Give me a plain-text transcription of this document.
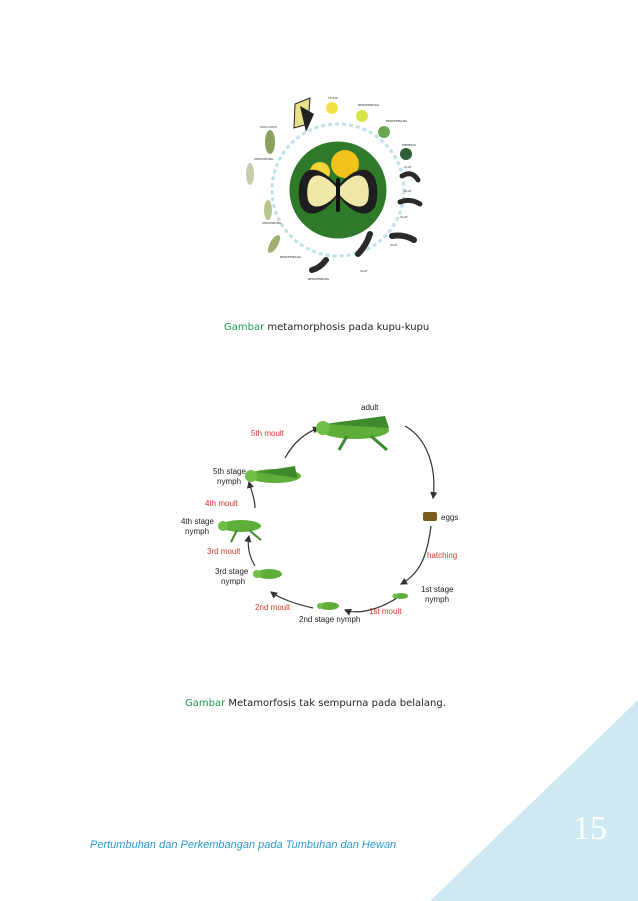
TELUR
BERKEMBANG
BERKEMBANG
MENETAS
ULAT
ULAT
ULAT
ULAT
ULAT
BERKEMBANG
BERKEMBANG
KEPOMPONG
KEPOMPONG
KUPU-KUPU
Gambar metamorphosis pada kupu-kupu
adult
eggs
hatching
1st stage
nymph
1st moult
2nd stage nymph
2nd moult
3rd stage
nymph
3rd moult
4th stage
nymph
4th moult
5th stage
nymph
5th moult
Gambar Metamorfosis tak sempurna pada belalang.
15
Pertumbuhan dan Perkembangan pada Tumbuhan dan Hewan
